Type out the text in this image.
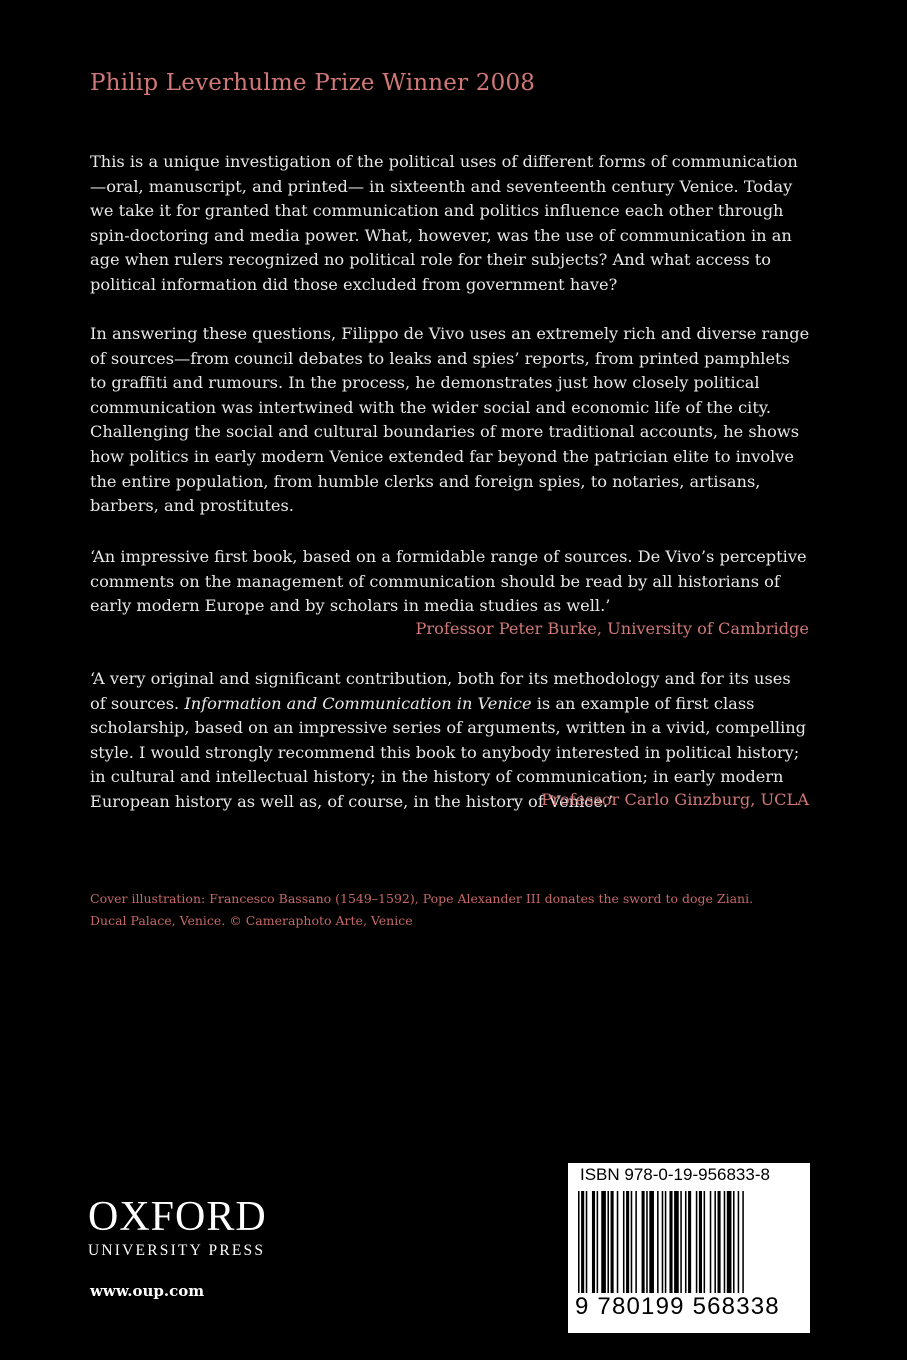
Philip Leverhulme Prize Winner 2008

This is a unique investigation of the political uses of different forms of communication—oral, manuscript, and printed— in sixteenth and seventeenth century Venice. Today we take it for granted that communication and politics influence each other through spin-doctoring and media power. What, however, was the use of communication in an age when rulers recognized no political role for their subjects? And what access to political information did those excluded from government have?

In answering these questions, Filippo de Vivo uses an extremely rich and diverse range of sources—from council debates to leaks and spies’ reports, from printed pamphlets to graffiti and rumours. In the process, he demonstrates just how closely political communication was intertwined with the wider social and economic life of the city. Challenging the social and cultural boundaries of more traditional accounts, he shows how politics in early modern Venice extended far beyond the patrician elite to involve the entire population, from humble clerks and foreign spies, to notaries, artisans, barbers, and prostitutes.

‘An impressive first book, based on a formidable range of sources. De Vivo’s perceptive comments on the management of communication should be read by all historians of early modern Europe and by scholars in media studies as well.’

Professor Peter Burke, University of Cambridge

‘A very original and significant contribution, both for its methodology and for its uses of sources. Information and Communication in Venice is an example of first class scholarship, based on an impressive series of arguments, written in a vivid, compelling style. I would strongly recommend this book to anybody interested in political history; in cultural and intellectual history; in the history of communication; in early modern European history as well as, of course, in the history of Venice.’

Professor Carlo Ginzburg, UCLA

Cover illustration: Francesco Bassano (1549–1592), Pope Alexander III donates the sword to doge Ziani.
Ducal Palace, Venice. © Cameraphoto Arte, Venice

OXFORD
UNIVERSITY PRESS
www.oup.com
ISBN 978-0-19-956833-8
9 780199 568338
